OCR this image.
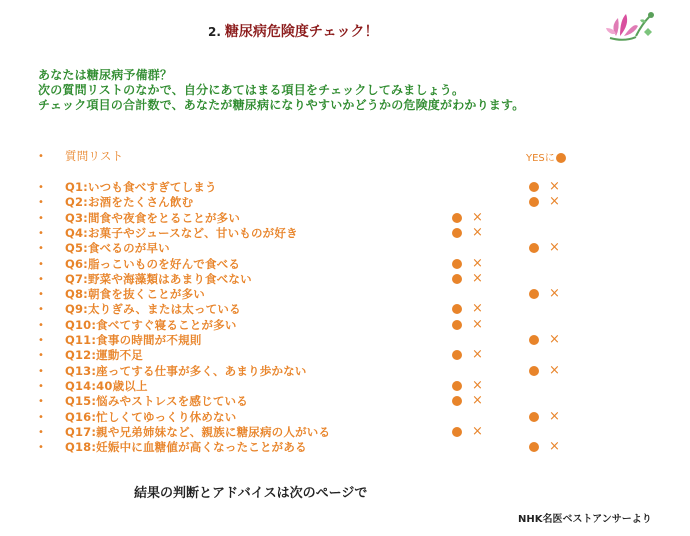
2. 糖尿病危険度チェック！
あなたは糖尿病予備群？
次の質問リストのなかで、自分にあてはまる項目をチェックしてみましょう。
チェック項目の合計数で、あなたが糖尿病になりやすいかどうかの危険度がわかります。
• 質問リスト	YESに
• Q1:いつも食べすぎてしまう	×
• Q2:お酒をたくさん飲む	×
• Q3:間食や夜食をとることが多い	×
• Q4:お菓子やジュースなど、甘いものが好き	×
• Q5:食べるのが早い	×
• Q6:脂っこいものを好んで食べる	×
• Q7:野菜や海藻類はあまり食べない	×
• Q8:朝食を抜くことが多い	×
• Q9:太りぎみ、または太っている	×
• Q10:食べてすぐ寝ることが多い	×
• Q11:食事の時間が不規則	×
• Q12:運動不足	×
• Q13:座ってする仕事が多く、あまり歩かない	×
• Q14:40歳以上	×
• Q15:悩みやストレスを感じている	×
• Q16:忙しくてゆっくり休めない	×
• Q17:親や兄弟姉妹など、親族に糖尿病の人がいる	×
• Q18:妊娠中に血糖値が高くなったことがある	×
結果の判断とアドバイスは次のページで
NHK名医ベストアンサーより
